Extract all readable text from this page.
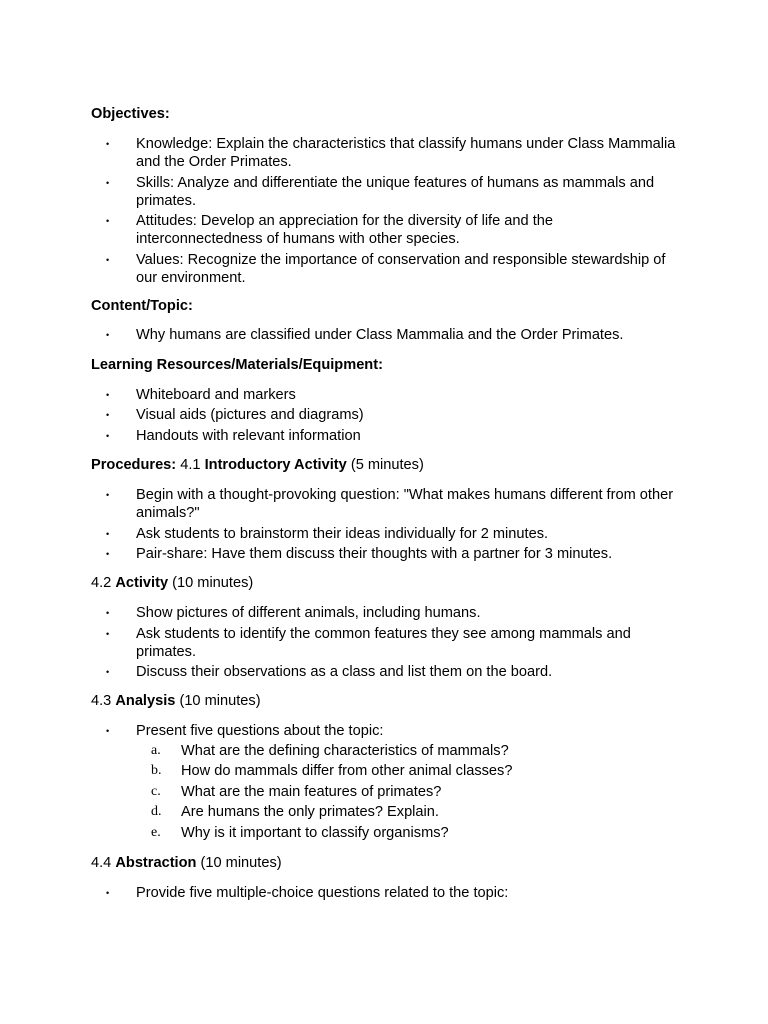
Objectives:

•	Knowledge: Explain the characteristics that classify humans under Class Mammalia and the Order Primates.
•	Skills: Analyze and differentiate the unique features of humans as mammals and primates.
•	Attitudes: Develop an appreciation for the diversity of life and the interconnectedness of humans with other species.
•	Values: Recognize the importance of conservation and responsible stewardship of our environment.

Content/Topic:

•	Why humans are classified under Class Mammalia and the Order Primates.

Learning Resources/Materials/Equipment:

•	Whiteboard and markers
•	Visual aids (pictures and diagrams)
•	Handouts with relevant information

Procedures: 4.1 Introductory Activity (5 minutes)

•	Begin with a thought-provoking question: "What makes humans different from other animals?"
•	Ask students to brainstorm their ideas individually for 2 minutes.
•	Pair-share: Have them discuss their thoughts with a partner for 3 minutes.

4.2 Activity (10 minutes)

•	Show pictures of different animals, including humans.
•	Ask students to identify the common features they see among mammals and primates.
•	Discuss their observations as a class and list them on the board.

4.3 Analysis (10 minutes)

•	Present five questions about the topic:
a. What are the defining characteristics of mammals?
b. How do mammals differ from other animal classes?
c. What are the main features of primates?
d. Are humans the only primates? Explain.
e. Why is it important to classify organisms?

4.4 Abstraction (10 minutes)

•	Provide five multiple-choice questions related to the topic:
